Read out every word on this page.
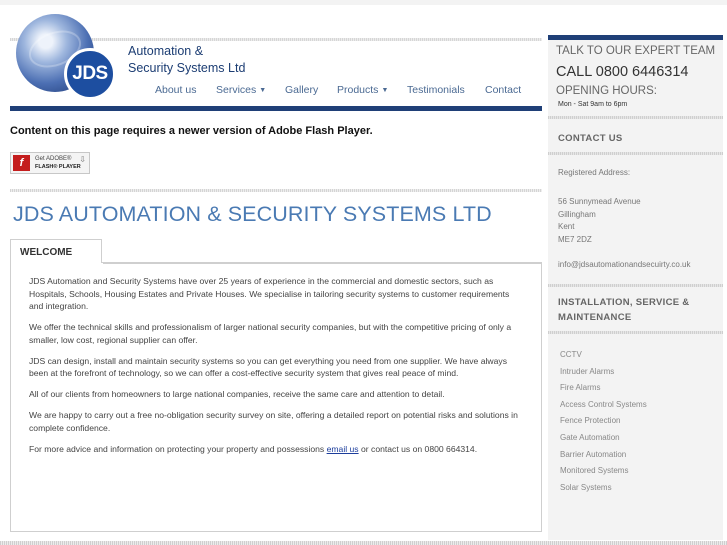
JDS
Automation &
Security Systems Ltd
About us Services ▼ Gallery Products ▼ Testimonials Contact
Content on this page requires a newer version of Adobe Flash Player.
f	Get ADOBE®
FLASH® PLAYER
⇩
JDS AUTOMATION & SECURITY SYSTEMS LTD
WELCOME

JDS Automation and Security Systems have over 25 years of experience in the commercial and domestic sectors, such as Hospitals, Schools, Housing Estates and Private Houses. We specialise in tailoring security systems to customer requirements and integration.

We offer the technical skills and professionalism of larger national security companies, but with the competitive pricing of only a smaller, low cost, regional supplier can offer.

JDS can design, install and maintain security systems so you can get everything you need from one supplier. We have always been at the forefront of technology, so we can offer a cost-effective security system that gives real peace of mind.

All of our clients from homeowners to large national companies, receive the same care and attention to detail.

We are happy to carry out a free no-obligation security survey on site, offering a detailed report on potential risks and solutions in complete confidence.

For more advice and information on protecting your property and possessions email us or contact us on 0800 664314.

TALK TO OUR EXPERT TEAM
CALL 0800 6446314
OPENING HOURS:
Mon - Sat 9am to 6pm
CONTACT US
Registered Address:
56 Sunnymead Avenue
Gillingham
Kent
ME7 2DZ
info@jdsautomationandsecuirty.co.uk
INSTALLATION, SERVICE &
MAINTENANCE
CCTV
Intruder Alarms
Fire Alarms
Access Control Systems
Fence Protection
Gate Automation
Barrier Automation
Monitored Systems
Solar Systems
